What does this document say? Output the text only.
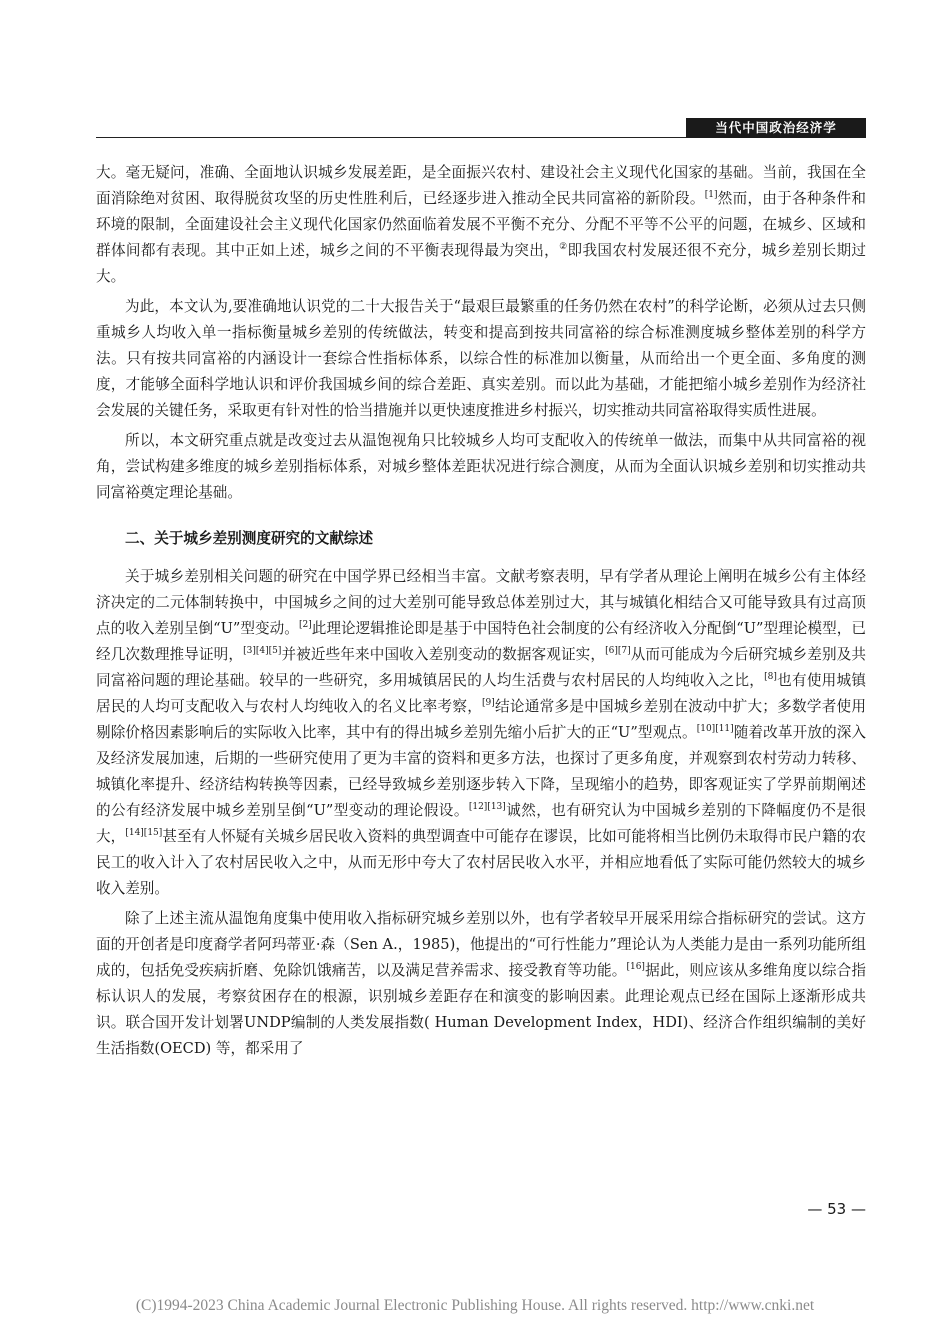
当代中国政治经济学

大。毫无疑问，准确、全面地认识城乡发展差距，是全面振兴农村、建设社会主义现代化国家的基础。当前，我国在全面消除绝对贫困、取得脱贫攻坚的历史性胜利后，已经逐步进入推动全民共同富裕的新阶段。[1]然而，由于各种条件和环境的限制，全面建设社会主义现代化国家仍然面临着发展不平衡不充分、分配不平等不公平的问题，在城乡、区域和群体间都有表现。其中正如上述，城乡之间的不平衡表现得最为突出，②即我国农村发展还很不充分，城乡差别长期过大。

为此，本文认为,要准确地认识党的二十大报告关于“最艰巨最繁重的任务仍然在农村”的科学论断，必须从过去只侧重城乡人均收入单一指标衡量城乡差别的传统做法，转变和提高到按共同富裕的综合标准测度城乡整体差别的科学方法。只有按共同富裕的内涵设计一套综合性指标体系，以综合性的标准加以衡量，从而给出一个更全面、多角度的测度，才能够全面科学地认识和评价我国城乡间的综合差距、真实差别。而以此为基础，才能把缩小城乡差别作为经济社会发展的关键任务，采取更有针对性的恰当措施并以更快速度推进乡村振兴，切实推动共同富裕取得实质性进展。

所以，本文研究重点就是改变过去从温饱视角只比较城乡人均可支配收入的传统单一做法，而集中从共同富裕的视角，尝试构建多维度的城乡差别指标体系，对城乡整体差距状况进行综合测度，从而为全面认识城乡差别和切实推动共同富裕奠定理论基础。

二、关于城乡差别测度研究的文献综述

关于城乡差别相关问题的研究在中国学界已经相当丰富。文献考察表明，早有学者从理论上阐明在城乡公有主体经济决定的二元体制转换中，中国城乡之间的过大差别可能导致总体差别过大，其与城镇化相结合又可能导致具有过高顶点的收入差别呈倒“U”型变动。[2]此理论逻辑推论即是基于中国特色社会制度的公有经济收入分配倒“U”型理论模型，已经几次数理推导证明，[3][4][5]并被近些年来中国收入差别变动的数据客观证实，[6][7]从而可能成为今后研究城乡差别及共同富裕问题的理论基础。较早的一些研究，多用城镇居民的人均生活费与农村居民的人均纯收入之比，[8]也有使用城镇居民的人均可支配收入与农村人均纯收入的名义比率考察，[9]结论通常多是中国城乡差别在波动中扩大；多数学者使用剔除价格因素影响后的实际收入比率，其中有的得出城乡差别先缩小后扩大的正“U”型观点。[10][11]随着改革开放的深入及经济发展加速，后期的一些研究使用了更为丰富的资料和更多方法，也探讨了更多角度，并观察到农村劳动力转移、城镇化率提升、经济结构转换等因素，已经导致城乡差别逐步转入下降，呈现缩小的趋势，即客观证实了学界前期阐述的公有经济发展中城乡差别呈倒“U”型变动的理论假设。[12][13]诚然，也有研究认为中国城乡差别的下降幅度仍不是很大，[14][15]甚至有人怀疑有关城乡居民收入资料的典型调查中可能存在谬误，比如可能将相当比例仍未取得市民户籍的农民工的收入计入了农村居民收入之中，从而无形中夸大了农村居民收入水平，并相应地看低了实际可能仍然较大的城乡收入差别。

除了上述主流从温饱角度集中使用收入指标研究城乡差别以外，也有学者较早开展采用综合指标研究的尝试。这方面的开创者是印度裔学者阿玛蒂亚·森（Sen A.，1985)，他提出的“可行性能力”理论认为人类能力是由一系列功能所组成的，包括免受疾病折磨、免除饥饿痛苦，以及满足营养需求、接受教育等功能。[16]据此，则应该从多维角度以综合指标认识人的发展，考察贫困存在的根源，识别城乡差距存在和演变的影响因素。此理论观点已经在国际上逐渐形成共识。联合国开发计划署UNDP编制的人类发展指数( Human Development Index，HDI)、经济合作组织编制的美好生活指数(OECD) 等，都采用了

— 53 —
(C)1994-2023 China Academic Journal Electronic Publishing House. All rights reserved. http://www.cnki.net
